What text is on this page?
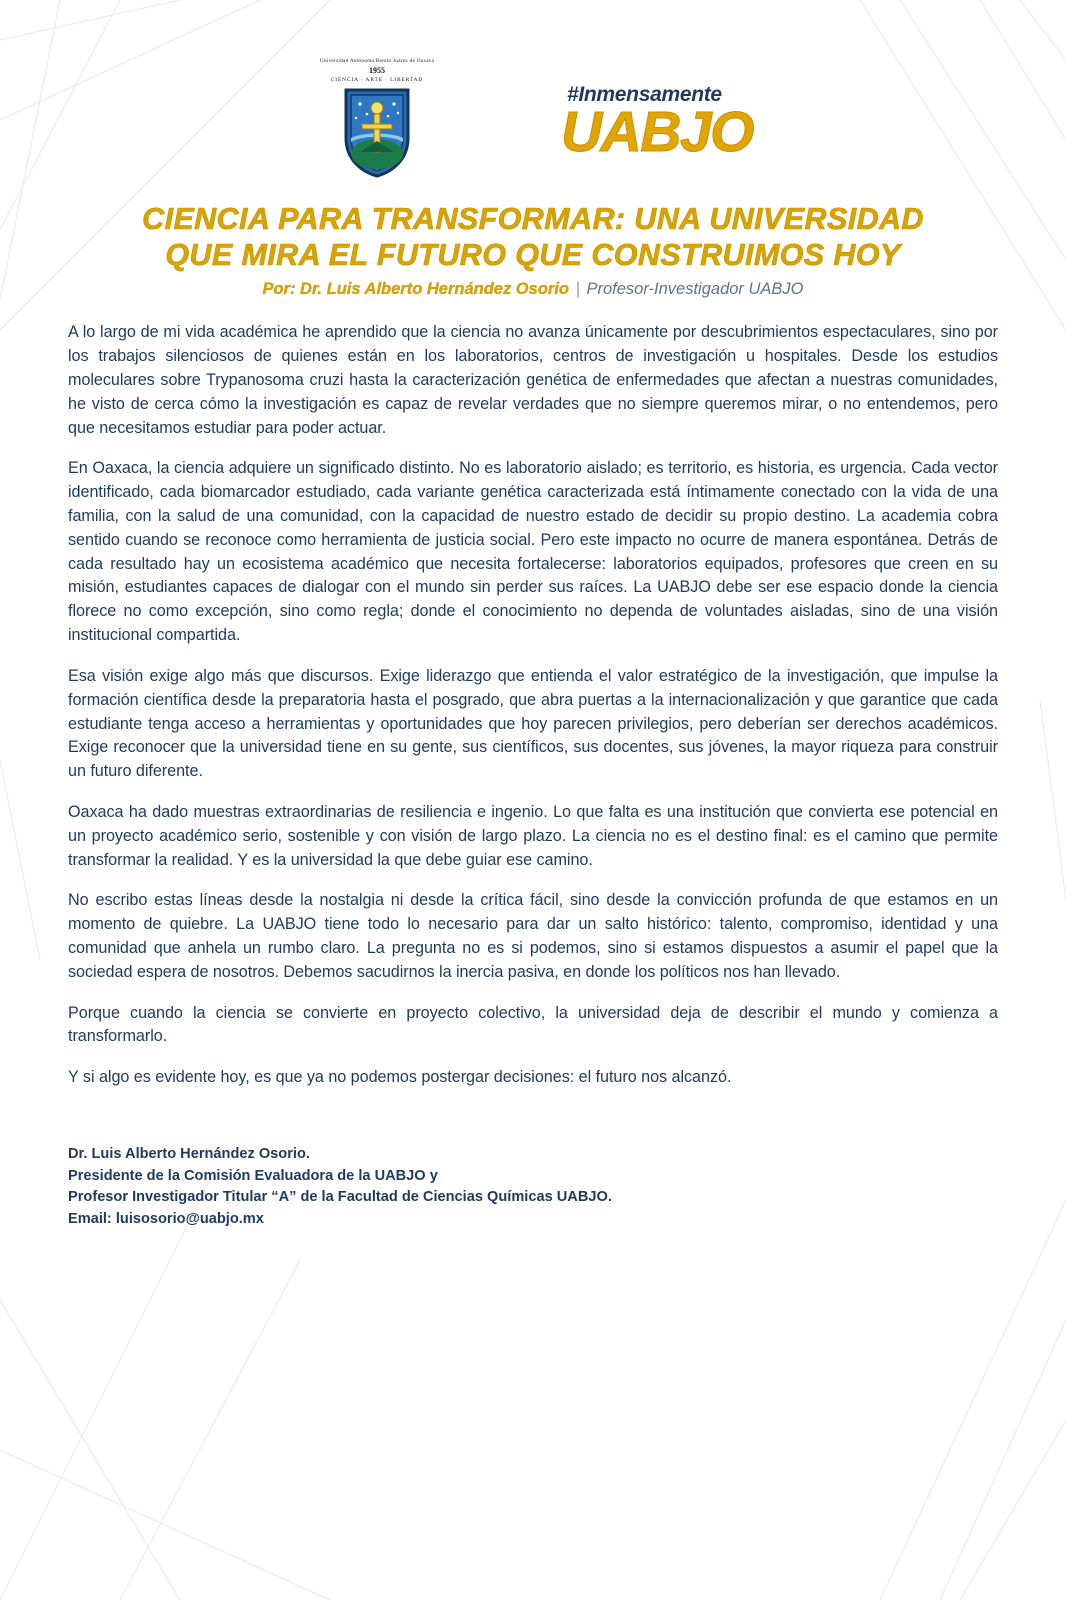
Universidad Autónoma Benito Juárez de Oaxaca
1955
CIENCIA · ARTE · LIBERTAD
#Inmensamente
UABJO
CIENCIA PARA TRANSFORMAR: UNA UNIVERSIDAD
QUE MIRA EL FUTURO QUE CONSTRUIMOS HOY
Por: Dr. Luis Alberto Hernández Osorio | Profesor-Investigador UABJO

A lo largo de mi vida académica he aprendido que la ciencia no avanza únicamente por descubrimientos espectaculares, sino por los trabajos silenciosos de quienes están en los laboratorios, centros de investigación u hospitales. Desde los estudios moleculares sobre Trypanosoma cruzi hasta la caracterización genética de enfermedades que afectan a nuestras comunidades, he visto de cerca cómo la investigación es capaz de revelar verdades que no siempre queremos mirar, o no entendemos, pero que necesitamos estudiar para poder actuar.

En Oaxaca, la ciencia adquiere un significado distinto. No es laboratorio aislado; es territorio, es historia, es urgencia. Cada vector identificado, cada biomarcador estudiado, cada variante genética caracterizada está íntimamente conectado con la vida de una familia, con la salud de una comunidad, con la capacidad de nuestro estado de decidir su propio destino. La academia cobra sentido cuando se reconoce como herramienta de justicia social. Pero este impacto no ocurre de manera espontánea. Detrás de cada resultado hay un ecosistema académico que necesita fortalecerse: laboratorios equipados, profesores que creen en su misión, estudiantes capaces de dialogar con el mundo sin perder sus raíces. La UABJO debe ser ese espacio donde la ciencia florece no como excepción, sino como regla; donde el conocimiento no dependa de voluntades aisladas, sino de una visión institucional compartida.

Esa visión exige algo más que discursos. Exige liderazgo que entienda el valor estratégico de la investigación, que impulse la formación científica desde la preparatoria hasta el posgrado, que abra puertas a la internacionalización y que garantice que cada estudiante tenga acceso a herramientas y oportunidades que hoy parecen privilegios, pero deberían ser derechos académicos. Exige reconocer que la universidad tiene en su gente, sus científicos, sus docentes, sus jóvenes, la mayor riqueza para construir un futuro diferente.

Oaxaca ha dado muestras extraordinarias de resiliencia e ingenio. Lo que falta es una institución que convierta ese potencial en un proyecto académico serio, sostenible y con visión de largo plazo. La ciencia no es el destino final: es el camino que permite transformar la realidad. Y es la universidad la que debe guiar ese camino.

No escribo estas líneas desde la nostalgia ni desde la crítica fácil, sino desde la convicción profunda de que estamos en un momento de quiebre. La UABJO tiene todo lo necesario para dar un salto histórico: talento, compromiso, identidad y una comunidad que anhela un rumbo claro. La pregunta no es si podemos, sino si estamos dispuestos a asumir el papel que la sociedad espera de nosotros. Debemos sacudirnos la inercia pasiva, en donde los políticos nos han llevado.

Porque cuando la ciencia se convierte en proyecto colectivo, la universidad deja de describir el mundo y comienza a transformarlo.

Y si algo es evidente hoy, es que ya no podemos postergar decisiones: el futuro nos alcanzó.

Dr. Luis Alberto Hernández Osorio.
Presidente de la Comisión Evaluadora de la UABJO y
Profesor Investigador Titular “A” de la Facultad de Ciencias Químicas UABJO.
Email: luisosorio@uabjo.mx
